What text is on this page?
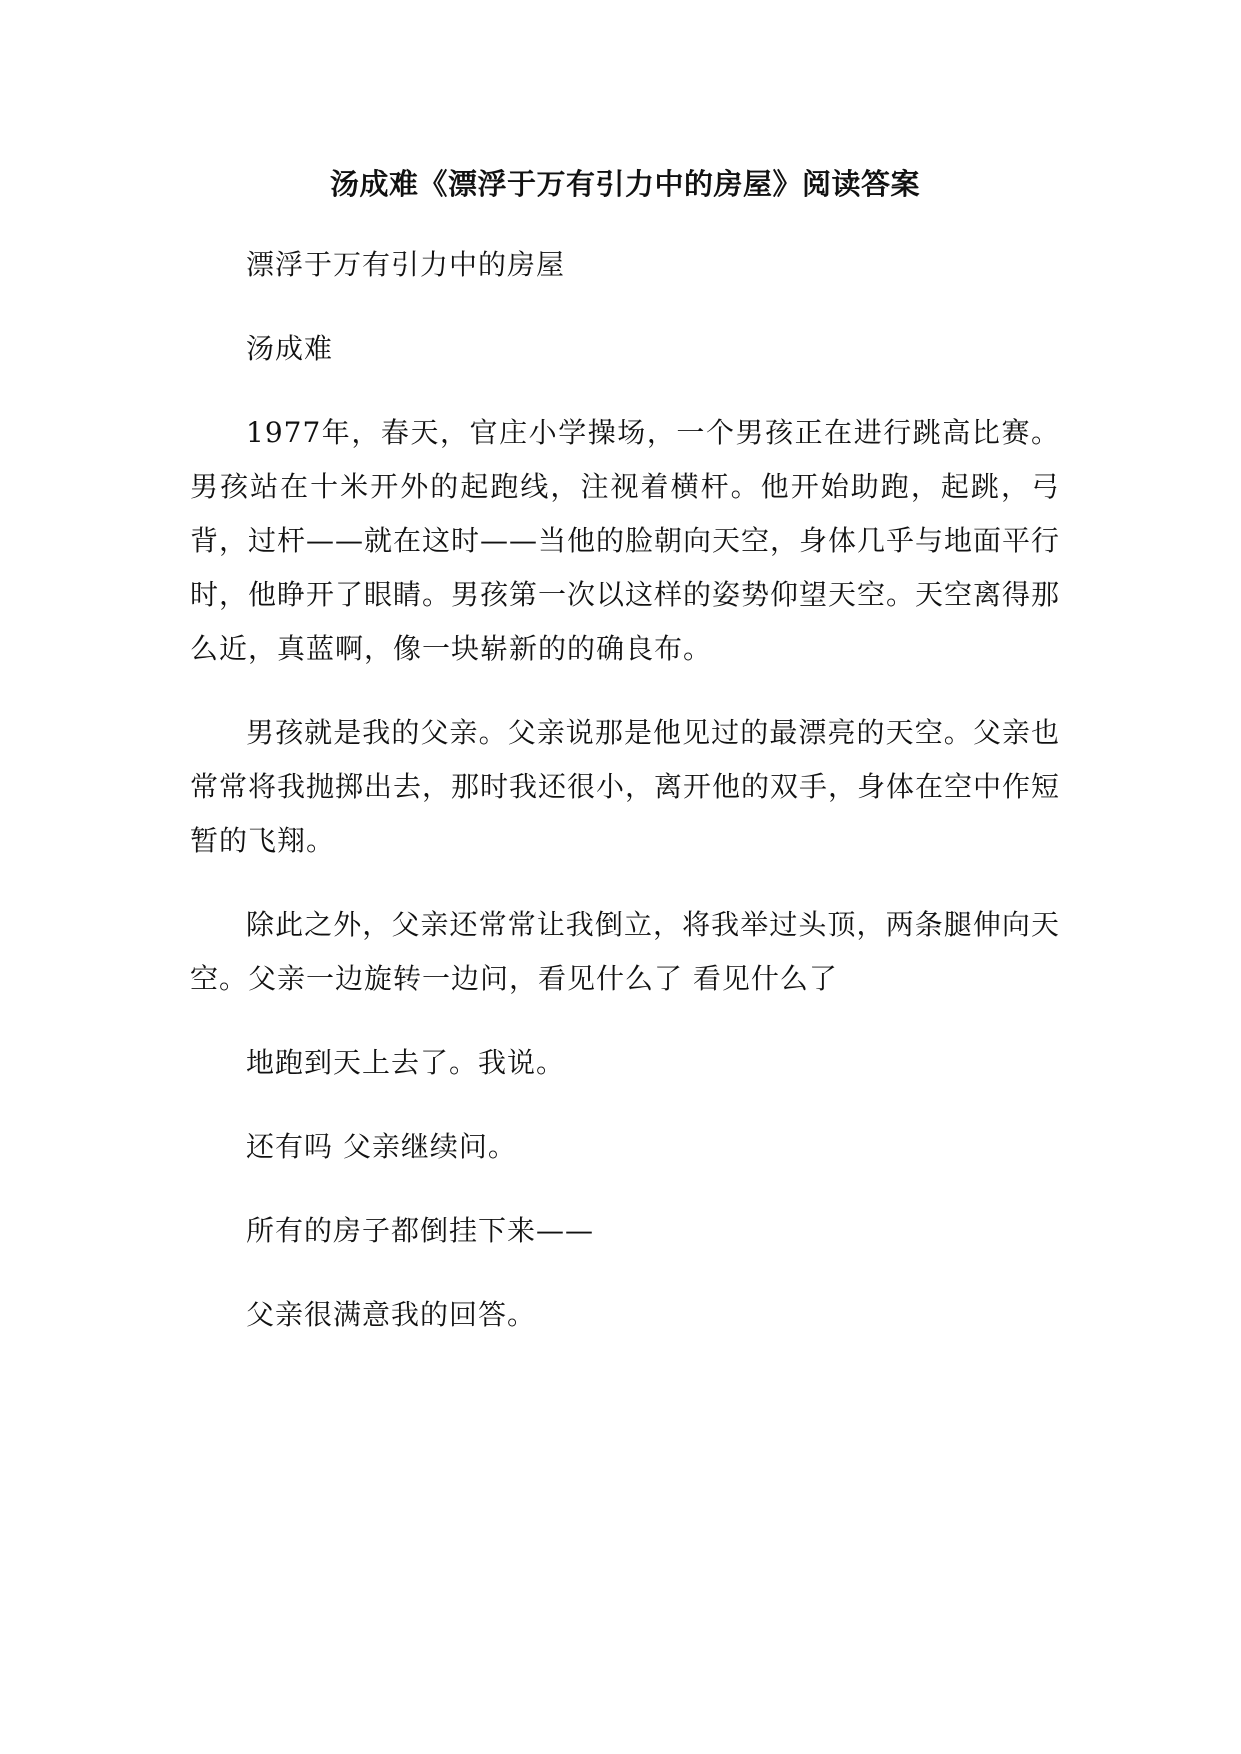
汤成难《漂浮于万有引力中的房屋》阅读答案

漂浮于万有引力中的房屋

汤成难

1977年，春天，官庄小学操场，一个男孩正在进行跳高比赛。男孩站在十米开外的起跑线，注视着横杆。他开始助跑，起跳，弓背，过杆——就在这时——当他的脸朝向天空，身体几乎与地面平行时，他睁开了眼睛。男孩第一次以这样的姿势仰望天空。天空离得那么近，真蓝啊，像一块崭新的的确良布。

男孩就是我的父亲。父亲说那是他见过的最漂亮的天空。父亲也常常将我抛掷出去，那时我还很小，离开他的双手，身体在空中作短暂的飞翔。

除此之外，父亲还常常让我倒立，将我举过头顶，两条腿伸向天空。父亲一边旋转一边问，看见什么了 看见什么了

地跑到天上去了。我说。

还有吗 父亲继续问。

所有的房子都倒挂下来——

父亲很满意我的回答。
